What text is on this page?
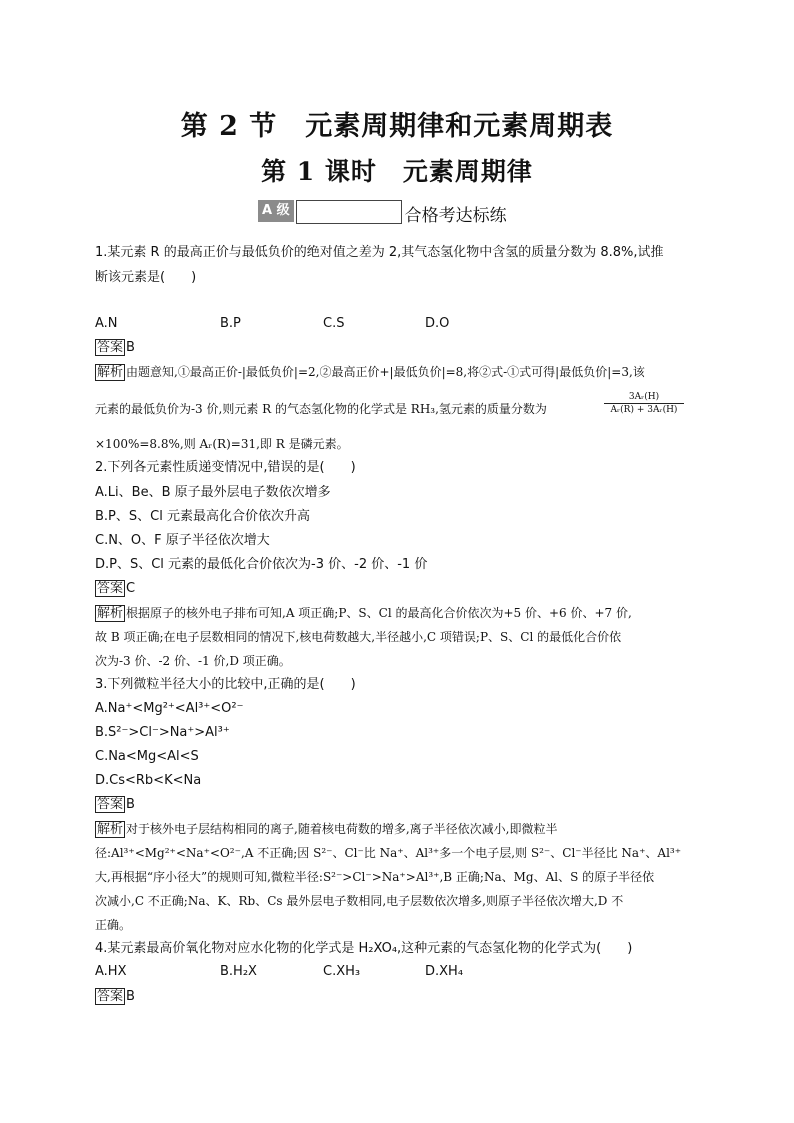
第 2 节　元素周期律和元素周期表
第 1 课时　元素周期律
A 级	合格考达标练
1.某元素 R 的最高正价与最低负价的绝对值之差为 2,其气态氢化物中含氢的质量分数为 8.8%,试推
断该元素是(　　)
A.N	B.P	C.S	D.O
答案 B
解析 由题意知,①最高正价-|最低负价|=2,②最高正价+|最低负价|=8,将②式-①式可得|最低负价|=3,该
元素的最低负价为-3 价,则元素 R 的气态氢化物的化学式是 RH₃,氢元素的质量分数为	$\frac{\text{3Aᵣ(H)}}{\text{Aᵣ(R) + 3Aᵣ(H)}}$
×100%=8.8%,则 Aᵣ(R)=31,即 R 是磷元素。
2.下列各元素性质递变情况中,错误的是(　　)
A.Li、Be、B 原子最外层电子数依次增多
B.P、S、Cl 元素最高化合价依次升高
C.N、O、F 原子半径依次增大
D.P、S、Cl 元素的最低化合价依次为-3 价、-2 价、-1 价
答案 C
解析 根据原子的核外电子排布可知,A 项正确;P、S、Cl 的最高化合价依次为+5 价、+6 价、+7 价,
故 B 项正确;在电子层数相同的情况下,核电荷数越大,半径越小,C 项错误;P、S、Cl 的最低化合价依
次为-3 价、-2 价、-1 价,D 项正确。
3.下列微粒半径大小的比较中,正确的是(　　)
A.Na⁺<Mg²⁺<Al³⁺<O²⁻
B.S²⁻>Cl⁻>Na⁺>Al³⁺
C.Na<Mg<Al<S
D.Cs<Rb<K<Na
答案 B
解析 对于核外电子层结构相同的离子,随着核电荷数的增多,离子半径依次减小,即微粒半
径:Al³⁺<Mg²⁺<Na⁺<O²⁻,A 不正确;因 S²⁻、Cl⁻比 Na⁺、Al³⁺多一个电子层,则 S²⁻、Cl⁻半径比 Na⁺、Al³⁺
大,再根据“序小径大”的规则可知,微粒半径:S²⁻>Cl⁻>Na⁺>Al³⁺,B 正确;Na、Mg、Al、S 的原子半径依
次减小,C 不正确;Na、K、Rb、Cs 最外层电子数相同,电子层数依次增多,则原子半径依次增大,D 不
正确。
4.某元素最高价氧化物对应水化物的化学式是 H₂XO₄,这种元素的气态氢化物的化学式为(　　)
A.HX	B.H₂X	C.XH₃	D.XH₄
答案 B
